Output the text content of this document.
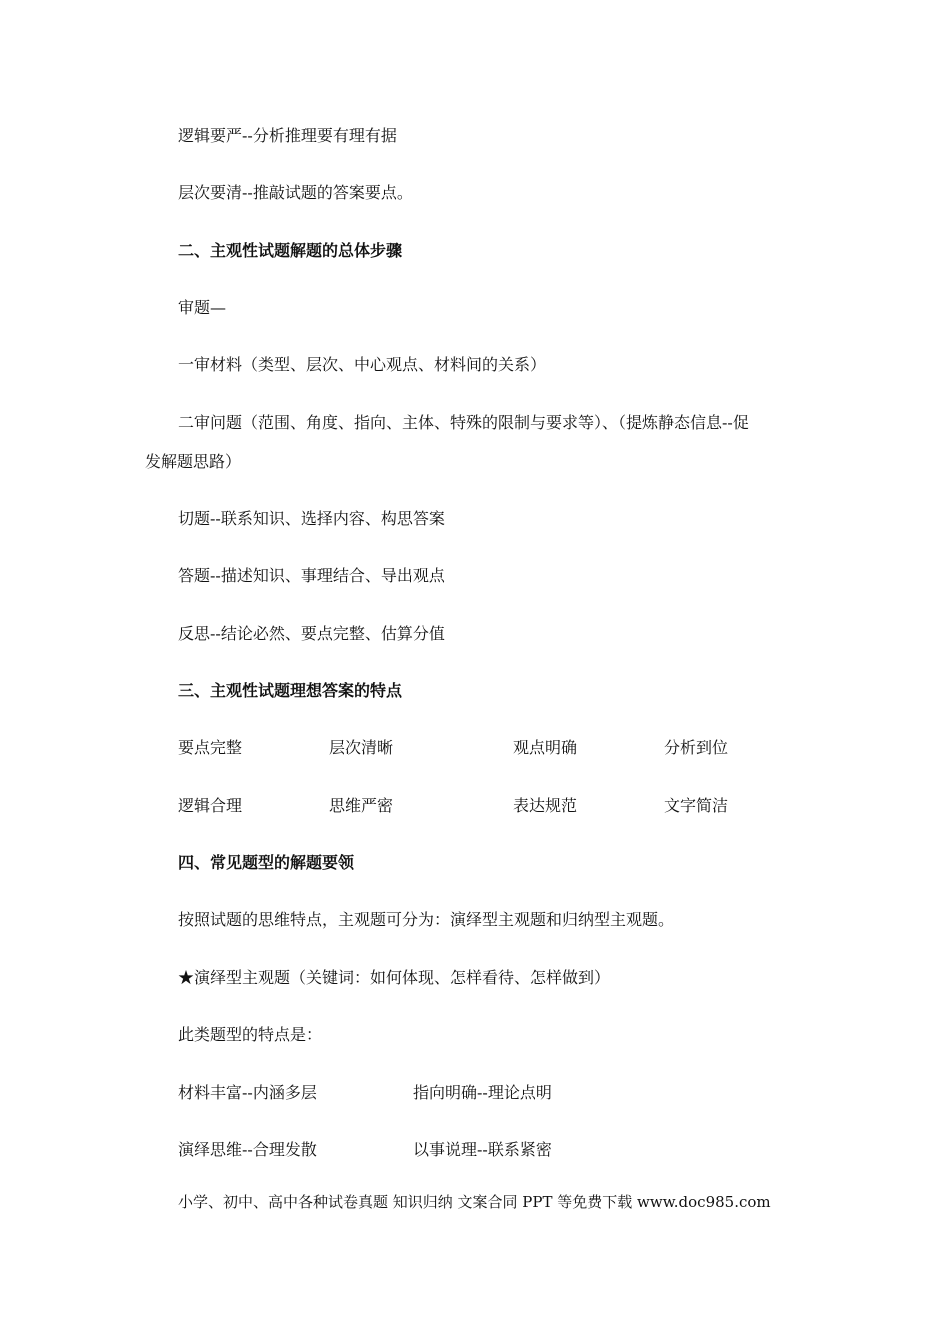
逻辑要严--分析推理要有理有据
层次要清--推敲试题的答案要点。
二、主观性试题解题的总体步骤
审题—
一审材料（类型、层次、中心观点、材料间的关系）
二审问题（范围、角度、指向、主体、特殊的限制与要求等）、（提炼静态信息--促
发解题思路）
切题--联系知识、选择内容、构思答案
答题--描述知识、事理结合、导出观点
反思--结论必然、要点完整、估算分值
三、主观性试题理想答案的特点
要点完整	层次清晰	观点明确	分析到位
逻辑合理	思维严密	表达规范	文字简洁
四、常见题型的解题要领
按照试题的思维特点，主观题可分为：演绎型主观题和归纳型主观题。
★演绎型主观题（关键词：如何体现、怎样看待、怎样做到）
此类题型的特点是：
材料丰富--内涵多层	指向明确--理论点明
演绎思维--合理发散	以事说理--联系紧密
小学、初中、高中各种试卷真题 知识归纳 文案合同 PPT 等免费下载 www.doc985.com
